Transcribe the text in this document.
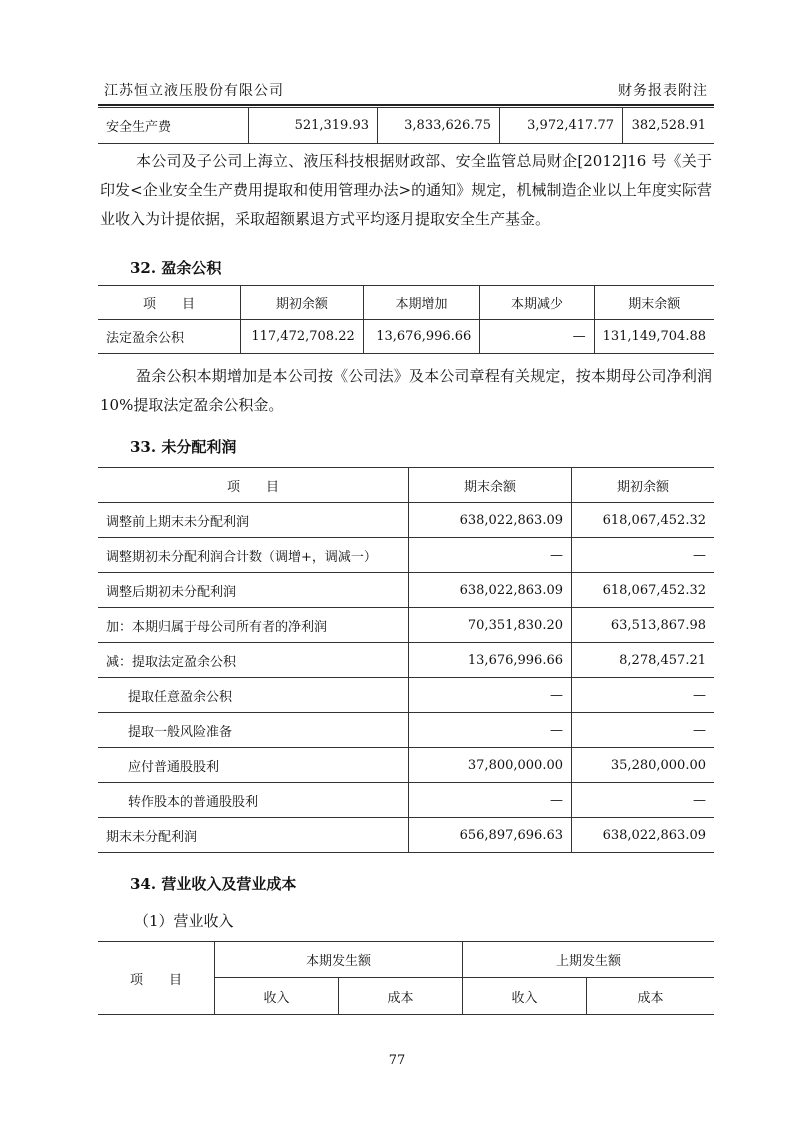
江苏恒立液压股份有限公司	财务报表附注
安全生产费	521,319.93	3,833,626.75	3,972,417.77	382,528.91

本公司及子公司上海立、液压科技根据财政部、安全监管总局财企[2012]16 号《关于印发<企业安全生产费用提取和使用管理办法>的通知》规定，机械制造企业以上年度实际营业收入为计提依据，采取超额累退方式平均逐月提取安全生产基金。

32. 盈余公积
项　　目	期初余额	本期增加	本期减少	期末余额
法定盈余公积	117,472,708.22	13,676,996.66	—	131,149,704.88

盈余公积本期增加是本公司按《公司法》及本公司章程有关规定，按本期母公司净利润 10%提取法定盈余公积金。

33. 未分配利润
项　　目	期末余额	期初余额
调整前上期末未分配利润	638,022,863.09	618,067,452.32
调整期初未分配利润合计数（调增+，调减一）	—	—
调整后期初未分配利润	638,022,863.09	618,067,452.32
加：本期归属于母公司所有者的净利润	70,351,830.20	63,513,867.98
减：提取法定盈余公积	13,676,996.66	8,278,457.21
提取任意盈余公积	—	—
提取一般风险准备	—	—
应付普通股股利	37,800,000.00	35,280,000.00
转作股本的普通股股利	—	—
期末未分配利润	656,897,696.63	638,022,863.09
34. 营业收入及营业成本
（1）营业收入
项　　目	本期发生额		上期发生额	
	收入	成本	收入	成本
77
